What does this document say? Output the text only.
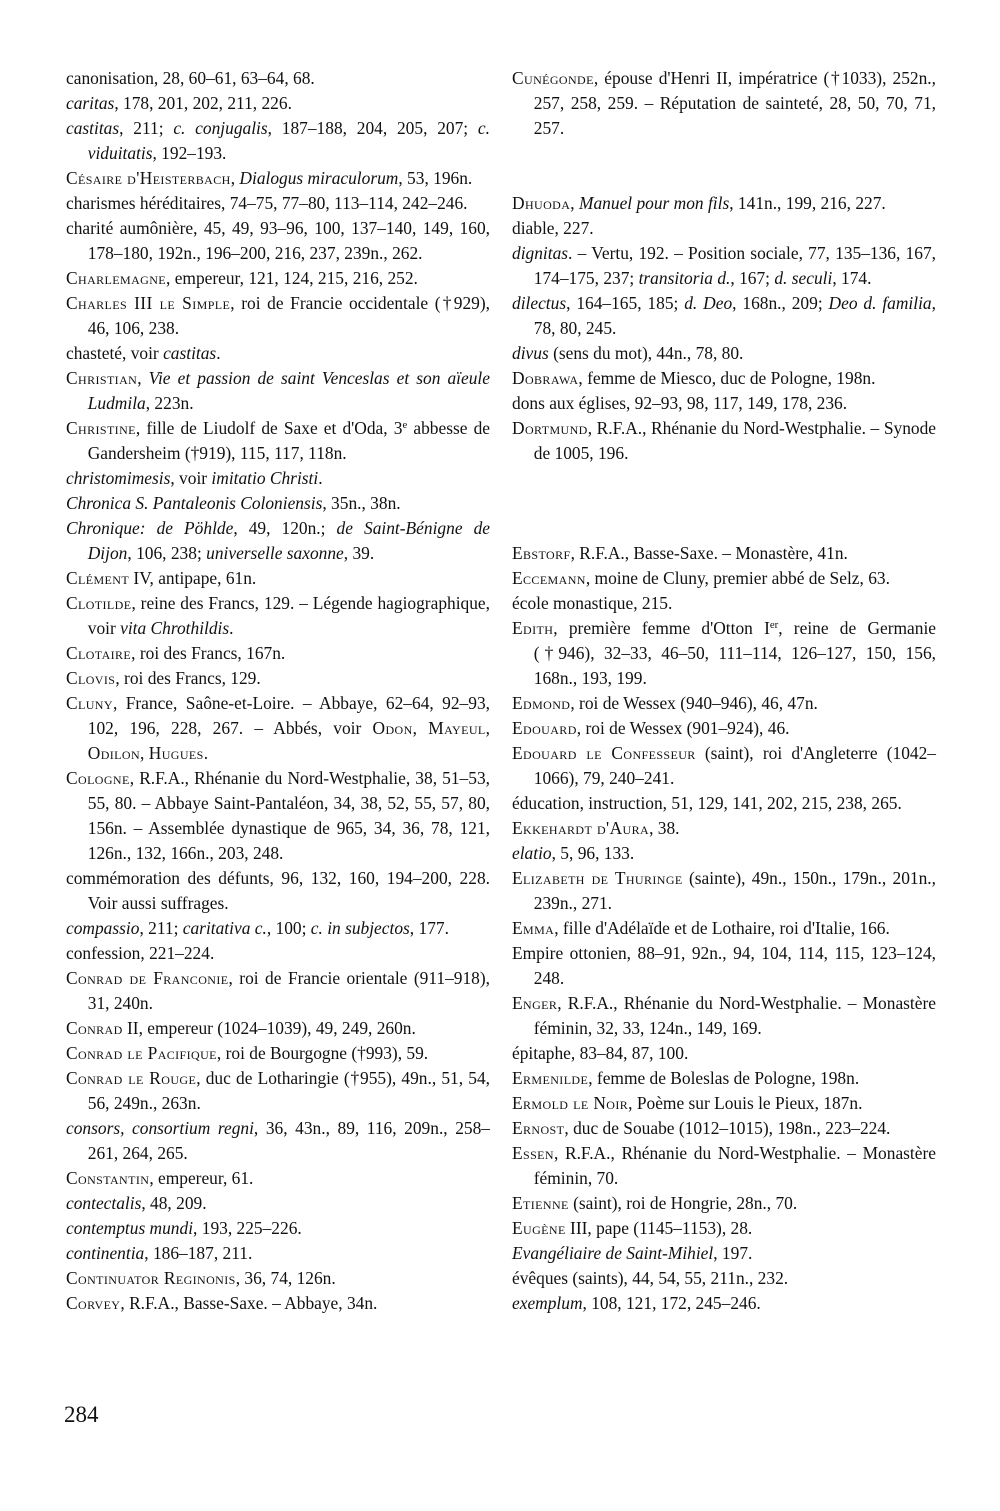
canonisation, 28, 60–61, 63–64, 68.
caritas, 178, 201, 202, 211, 226.
castitas, 211; c. conjugalis, 187–188, 204, 205, 207; c. viduitatis, 192–193.
Césaire d'Heisterbach, Dialogus miraculorum, 53, 196n.
charismes héréditaires, 74–75, 77–80, 113–114, 242–246.
charité aumônière, 45, 49, 93–96, 100, 137–140, 149, 160, 178–180, 192n., 196–200, 216, 237, 239n., 262.
Charlemagne, empereur, 121, 124, 215, 216, 252.
Charles III le Simple, roi de Francie occidentale (†929), 46, 106, 238.
chasteté, voir castitas.
Christian, Vie et passion de saint Venceslas et son aïeule Ludmila, 223n.
Christine, fille de Liudolf de Saxe et d'Oda, 3e abbesse de Gandersheim (†919), 115, 117, 118n.
christomimesis, voir imitatio Christi.
Chronica S. Pantaleonis Coloniensis, 35n., 38n.
Chronique: de Pöhlde, 49, 120n.; de Saint-Bénigne de Dijon, 106, 238; universelle saxonne, 39.
Clément IV, antipape, 61n.
Clotilde, reine des Francs, 129. – Légende hagiographique, voir vita Chrothildis.
Clotaire, roi des Francs, 167n.
Clovis, roi des Francs, 129.
Cluny, France, Saône-et-Loire. – Abbaye, 62–64, 92–93, 102, 196, 228, 267. – Abbés, voir Odon, Mayeul, Odilon, Hugues.
Cologne, R.F.A., Rhénanie du Nord-Westphalie, 38, 51–53, 55, 80. – Abbaye Saint-Pantaléon, 34, 38, 52, 55, 57, 80, 156n. – Assemblée dynastique de 965, 34, 36, 78, 121, 126n., 132, 166n., 203, 248.
commémoration des défunts, 96, 132, 160, 194–200, 228. Voir aussi suffrages.
compassio, 211; caritativa c., 100; c. in subjectos, 177.
confession, 221–224.
Conrad de Franconie, roi de Francie orientale (911–918), 31, 240n.
Conrad II, empereur (1024–1039), 49, 249, 260n.
Conrad le Pacifique, roi de Bourgogne (†993), 59.
Conrad le Rouge, duc de Lotharingie (†955), 49n., 51, 54, 56, 249n., 263n.
consors, consortium regni, 36, 43n., 89, 116, 209n., 258–261, 264, 265.
Constantin, empereur, 61.
contectalis, 48, 209.
contemptus mundi, 193, 225–226.
continentia, 186–187, 211.
Continuator Reginonis, 36, 74, 126n.
Corvey, R.F.A., Basse-Saxe. – Abbaye, 34n.
Cunégonde, épouse d'Henri II, impératrice (†1033), 252n., 257, 258, 259. – Réputation de sainteté, 28, 50, 70, 71, 257.
Dhuoda, Manuel pour mon fils, 141n., 199, 216, 227.
diable, 227.
dignitas. – Vertu, 192. – Position sociale, 77, 135–136, 167, 174–175, 237; transitoria d., 167; d. seculi, 174.
dilectus, 164–165, 185; d. Deo, 168n., 209; Deo d. familia, 78, 80, 245.
divus (sens du mot), 44n., 78, 80.
Dobrawa, femme de Miesco, duc de Pologne, 198n.
dons aux églises, 92–93, 98, 117, 149, 178, 236.
Dortmund, R.F.A., Rhénanie du Nord-Westphalie. – Synode de 1005, 196.
Ebstorf, R.F.A., Basse-Saxe. – Monastère, 41n.
Eccemann, moine de Cluny, premier abbé de Selz, 63.
école monastique, 215.
Edith, première femme d'Otton Ier, reine de Germanie (†946), 32–33, 46–50, 111–114, 126–127, 150, 156, 168n., 193, 199.
Edmond, roi de Wessex (940–946), 46, 47n.
Edouard, roi de Wessex (901–924), 46.
Edouard le Confesseur (saint), roi d'Angleterre (1042–1066), 79, 240–241.
éducation, instruction, 51, 129, 141, 202, 215, 238, 265.
Ekkehardt d'Aura, 38.
elatio, 5, 96, 133.
Elizabeth de Thuringe (sainte), 49n., 150n., 179n., 201n., 239n., 271.
Emma, fille d'Adélaïde et de Lothaire, roi d'Italie, 166.
Empire ottonien, 88–91, 92n., 94, 104, 114, 115, 123–124, 248.
Enger, R.F.A., Rhénanie du Nord-Westphalie. – Monastère féminin, 32, 33, 124n., 149, 169.
épitaphe, 83–84, 87, 100.
Ermenilde, femme de Boleslas de Pologne, 198n.
Ermold le Noir, Poème sur Louis le Pieux, 187n.
Ernost, duc de Souabe (1012–1015), 198n., 223–224.
Essen, R.F.A., Rhénanie du Nord-Westphalie. – Monastère féminin, 70.
Etienne (saint), roi de Hongrie, 28n., 70.
Eugène III, pape (1145–1153), 28.
Evangéliaire de Saint-Mihiel, 197.
évêques (saints), 44, 54, 55, 211n., 232.
exemplum, 108, 121, 172, 245–246.
284
